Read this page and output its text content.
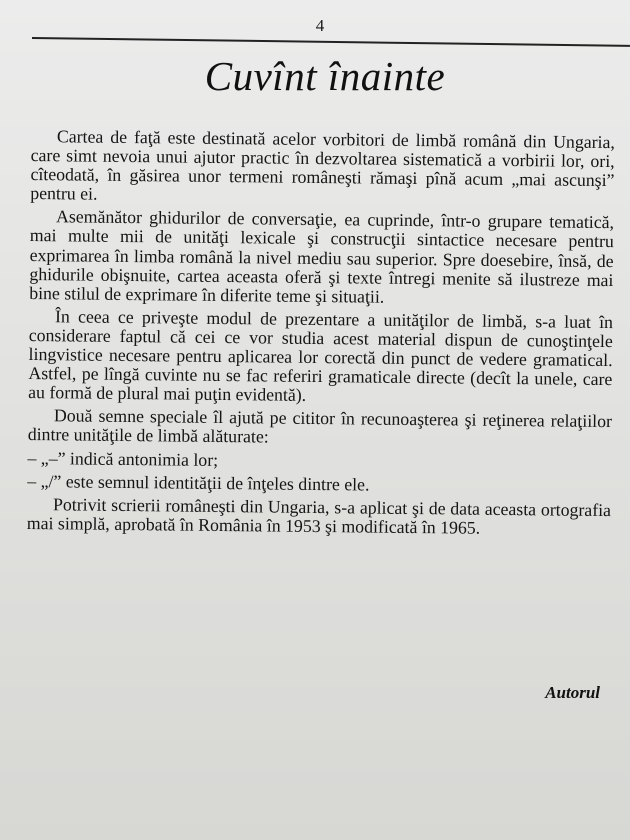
4
Cuvînt înainte

Cartea de faţă este destinată acelor vorbitori de limbă română din Ungaria, care simt nevoia unui ajutor practic în dezvoltarea sistematică a vorbirii lor, ori, cîteodată, în găsirea unor termeni româneşti rămaşi pînă acum „mai ascunşi” pentru ei.

Asemănător ghidurilor de conversaţie, ea cuprinde, într-o grupare tematică, mai multe mii de unităţi lexicale şi construcţii sintactice necesare pentru exprimarea în limba română la nivel mediu sau superior. Spre doesebire, însă, de ghidurile obişnuite, cartea aceasta oferă şi texte întregi menite să ilustreze mai bine stilul de exprimare în diferite teme şi situaţii.

În ceea ce priveşte modul de prezentare a unităţilor de limbă, s-a luat în considerare faptul că cei ce vor studia acest material dispun de cunoştinţele lingvistice necesare pentru aplicarea lor corectă din punct de vedere gramatical. Astfel, pe lîngă cuvinte nu se fac referiri gramaticale directe (decît la unele, care au formă de plural mai puţin evidentă).

Două semne speciale îl ajută pe cititor în recunoaşterea şi reţinerea relaţiilor dintre unităţile de limbă alăturate:

– „–” indică antonimia lor;
– „/” este semnul identităţii de înţeles dintre ele.

Potrivit scrierii româneşti din Ungaria, s-a aplicat şi de data aceasta ortografia mai simplă, aprobată în România în 1953 şi modificată în 1965.

Autorul
